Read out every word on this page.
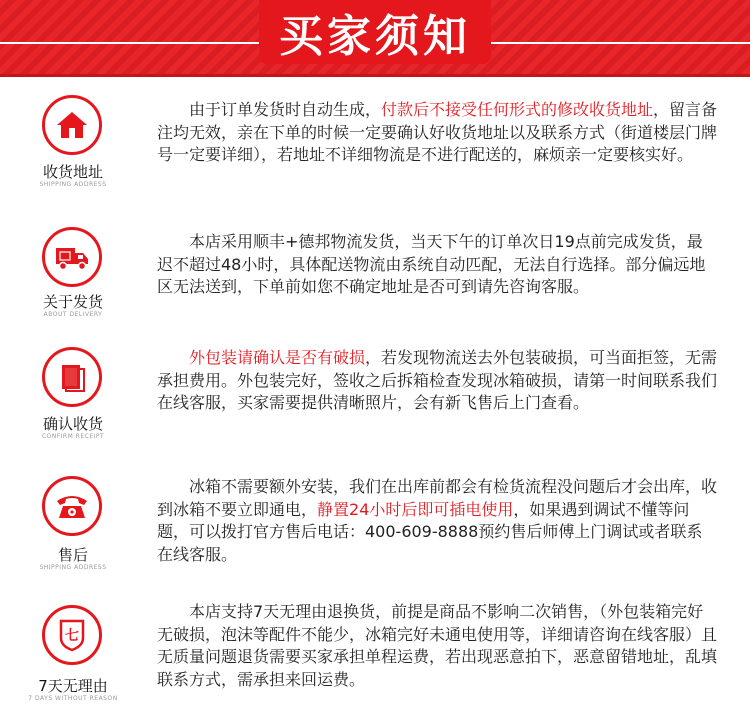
买家须知
收货地址
SHIPPING ADDRESS
由于订单发货时自动生成，付款后不接受任何形式的修改收货地址，留言备注均无效，亲在下单的时候一定要确认好收货地址以及联系方式（街道楼层门牌号一定要详细），若地址不详细物流是不进行配送的，麻烦亲一定要核实好。
关于发货
ABOUT DELIVERY
本店采用顺丰+德邦物流发货，当天下午的订单次日19点前完成发货，最迟不超过48小时，具体配送物流由系统自动匹配，无法自行选择。部分偏远地区无法送到，下单前如您不确定地址是否可到请先咨询客服。
确认收货
CONFIRM RECEIPT
外包装请确认是否有破损，若发现物流送去外包装破损，可当面拒签，无需承担费用。外包装完好，签收之后拆箱检查发现冰箱破损，请第一时间联系我们在线客服，买家需要提供清晰照片，会有新飞售后上门查看。
售后
SHIPPING ADDRESS
冰箱不需要额外安装，我们在出库前都会有检货流程没问题后才会出库，收到冰箱不要立即通电，静置24小时后即可插电使用，如果遇到调试不懂等问题，可以拨打官方售后电话：400-609-8888预约售后师傅上门调试或者联系在线客服。
七
7天无理由
7 DAYS WITHOUT REASON
本店支持7天无理由退换货，前提是商品不影响二次销售，（外包装箱完好无破损，泡沫等配件不能少，冰箱完好未通电使用等，详细请咨询在线客服）且无质量问题退货需要买家承担单程运费，若出现恶意拍下，恶意留错地址，乱填联系方式，需承担来回运费。
